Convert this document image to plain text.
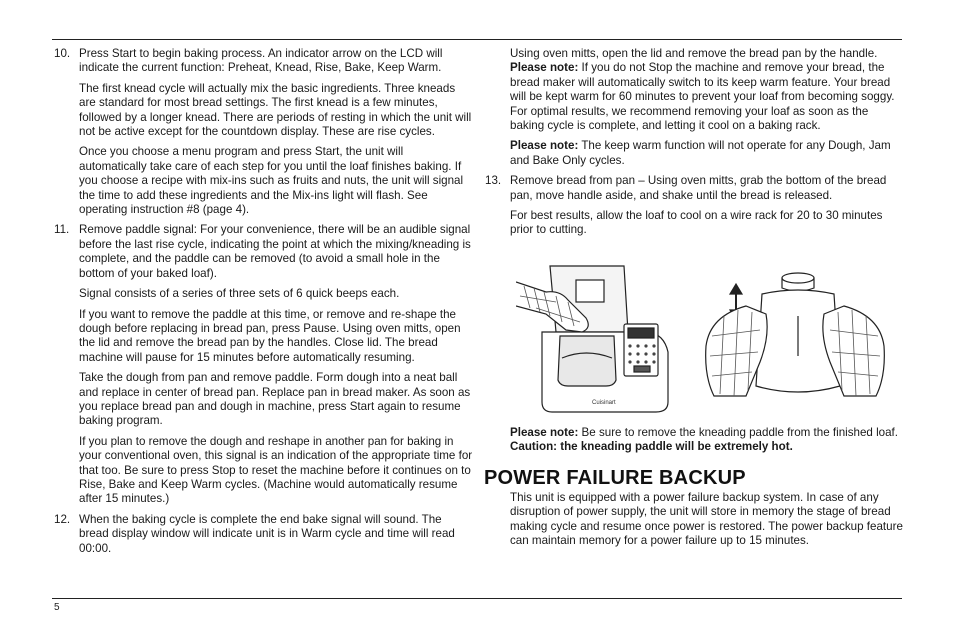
10. Press Start to begin baking process. An indicator arrow on the LCD will indicate the current function: Preheat, Knead, Rise, Bake, Keep Warm.

The first knead cycle will actually mix the basic ingredients. Three kneads are standard for most bread settings. The first knead is a few minutes, followed by a longer knead. There are periods of resting in which the unit will not be active except for the countdown display. These are rise cycles.

Once you choose a menu program and press Start, the unit will automatically take care of each step for you until the loaf finishes baking. If you choose a recipe with mix-ins such as fruits and nuts, the unit will signal the time to add these ingredients and the Mix-ins light will flash. See operating instruction #8 (page 4).

11. Remove paddle signal: For your convenience, there will be an audible signal before the last rise cycle, indicating the point at which the mixing/kneading is complete, and the paddle can be removed (to avoid a small hole in the bottom of your baked loaf).

Signal consists of a series of three sets of 6 quick beeps each.

If you want to remove the paddle at this time, or remove and re-shape the dough before replacing in bread pan, press Pause. Using oven mitts, open the lid and remove the bread pan by the handles. Close lid. The bread machine will pause for 15 minutes before automatically resuming.

Take the dough from pan and remove paddle. Form dough into a neat ball and replace in center of bread pan. Replace pan in bread maker. As soon as you replace bread pan and dough in machine, press Start again to resume baking program.

If you plan to remove the dough and reshape in another pan for baking in your conventional oven, this signal is an indication of the appropriate time for that too. Be sure to press Stop to reset the machine before it continues on to Rise, Bake and Keep Warm cycles. (Machine would automatically resume after 15 minutes.)

12. When the baking cycle is complete the end bake signal will sound. The bread display window will indicate unit is in Warm cycle and time will read 00:00.

Using oven mitts, open the lid and remove the bread pan by the handle.

Please note: If you do not Stop the machine and remove your bread, the bread maker will automatically switch to its keep warm feature. Your bread will be kept warm for 60 minutes to prevent your loaf from becoming soggy. For optimal results, we recommend removing your loaf as soon as the baking cycle is complete, and letting it cool on a baking rack.

Please note: The keep warm function will not operate for any Dough, Jam and Bake Only cycles.

13. Remove bread from pan – Using oven mitts, grab the bottom of the bread pan, move handle aside, and shake until the bread is released.

For best results, allow the loaf to cool on a wire rack for 20 to 30 minutes prior to cutting.

Cuisinart

Please note: Be sure to remove the kneading paddle from the finished loaf. Caution: the kneading paddle will be extremely hot.

POWER FAILURE BACKUP

This unit is equipped with a power failure backup system. In case of any disruption of power supply, the unit will store in memory the stage of bread making cycle and resume once power is restored. The power backup feature can maintain memory for a power failure up to 15 minutes.

5
